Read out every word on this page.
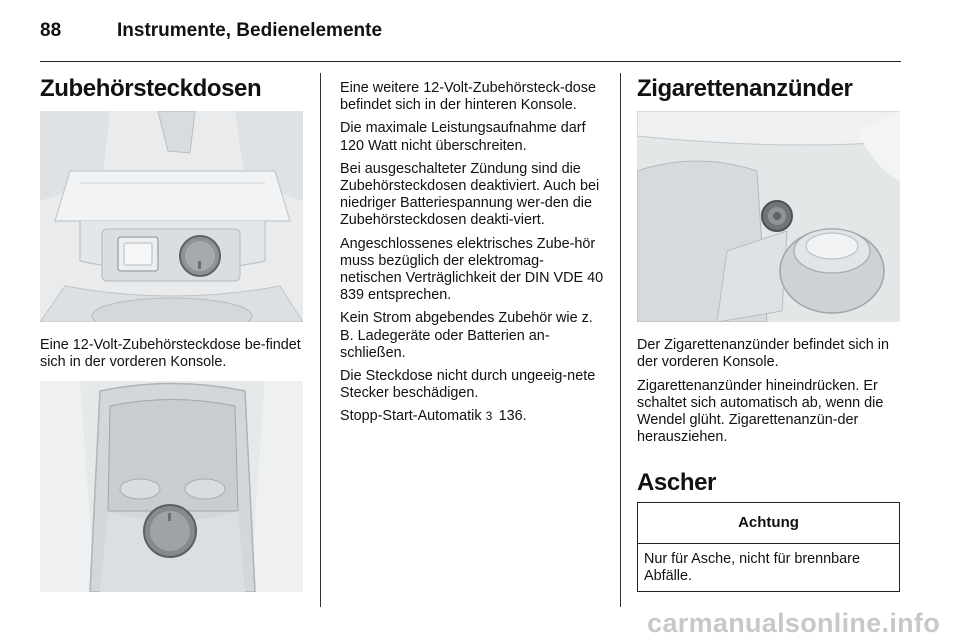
88	Instrumente, Bedienelemente
Zubehörsteckdosen

Eine 12-Volt-Zubehörsteckdose be-findet sich in der vorderen Konsole.

Eine weitere 12-Volt-Zubehörsteck-dose befindet sich in der hinteren Konsole.

Die maximale Leistungsaufnahme darf 120 Watt nicht überschreiten.

Bei ausgeschalteter Zündung sind die Zubehörsteckdosen deaktiviert. Auch bei niedriger Batteriespannung wer-den die Zubehörsteckdosen deakti-viert.

Angeschlossenes elektrisches Zube-hör muss bezüglich der elektromag-netischen Verträglichkeit der DIN VDE 40 839 entsprechen.

Kein Strom abgebendes Zubehör wie z. B. Ladegeräte oder Batterien an-schließen.

Die Steckdose nicht durch ungeeig-nete Stecker beschädigen.

Stopp-Start-Automatik 3 136.

Zigarettenanzünder

Der Zigarettenanzünder befindet sich in der vorderen Konsole.

Zigarettenanzünder hineindrücken. Er schaltet sich automatisch ab, wenn die Wendel glüht. Zigarettenanzün-der herausziehen.

Ascher
Achtung
Nur für Asche, nicht für brennbare Abfälle.
carmanualsonline.info
